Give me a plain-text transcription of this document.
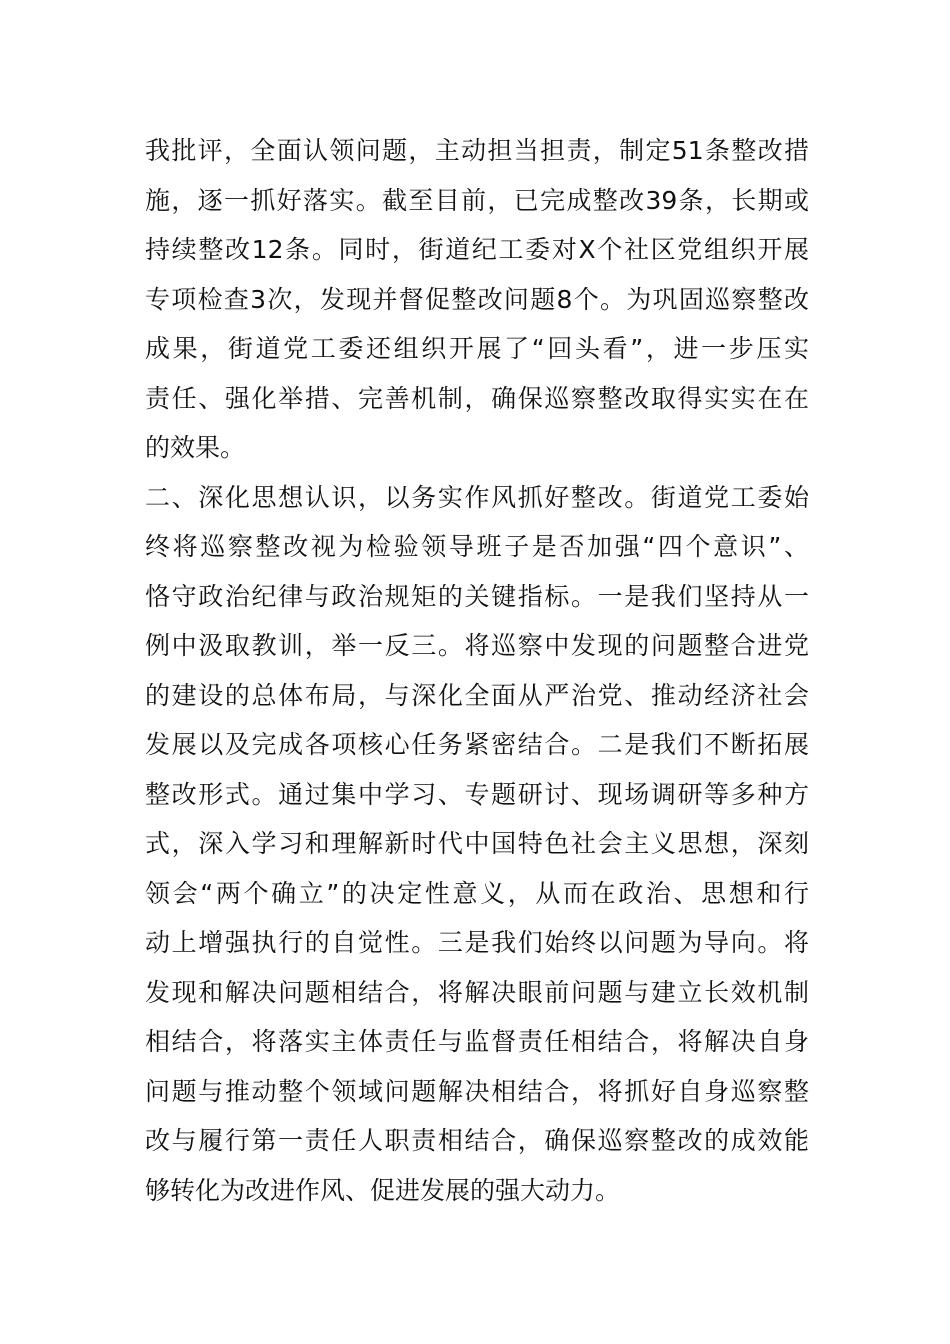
我批评，全面认领问题，主动担当担责，制定51条整改措
施，逐一抓好落实。截至目前，已完成整改39条，长期或
持续整改12条。同时，街道纪工委对X个社区党组织开展
专项检查3次，发现并督促整改问题8个。为巩固巡察整改
成果，街道党工委还组织开展了“回头看”，进一步压实
责任、强化举措、完善机制，确保巡察整改取得实实在在
的效果。
二、深化思想认识，以务实作风抓好整改。街道党工委始
终将巡察整改视为检验领导班子是否加强“四个意识”、
恪守政治纪律与政治规矩的关键指标。一是我们坚持从一
例中汲取教训，举一反三。将巡察中发现的问题整合进党
的建设的总体布局，与深化全面从严治党、推动经济社会
发展以及完成各项核心任务紧密结合。二是我们不断拓展
整改形式。通过集中学习、专题研讨、现场调研等多种方
式，深入学习和理解新时代中国特色社会主义思想，深刻
领会“两个确立”的决定性意义，从而在政治、思想和行
动上增强执行的自觉性。三是我们始终以问题为导向。将
发现和解决问题相结合，将解决眼前问题与建立长效机制
相结合，将落实主体责任与监督责任相结合，将解决自身
问题与推动整个领域问题解决相结合，将抓好自身巡察整
改与履行第一责任人职责相结合，确保巡察整改的成效能
够转化为改进作风、促进发展的强大动力。
